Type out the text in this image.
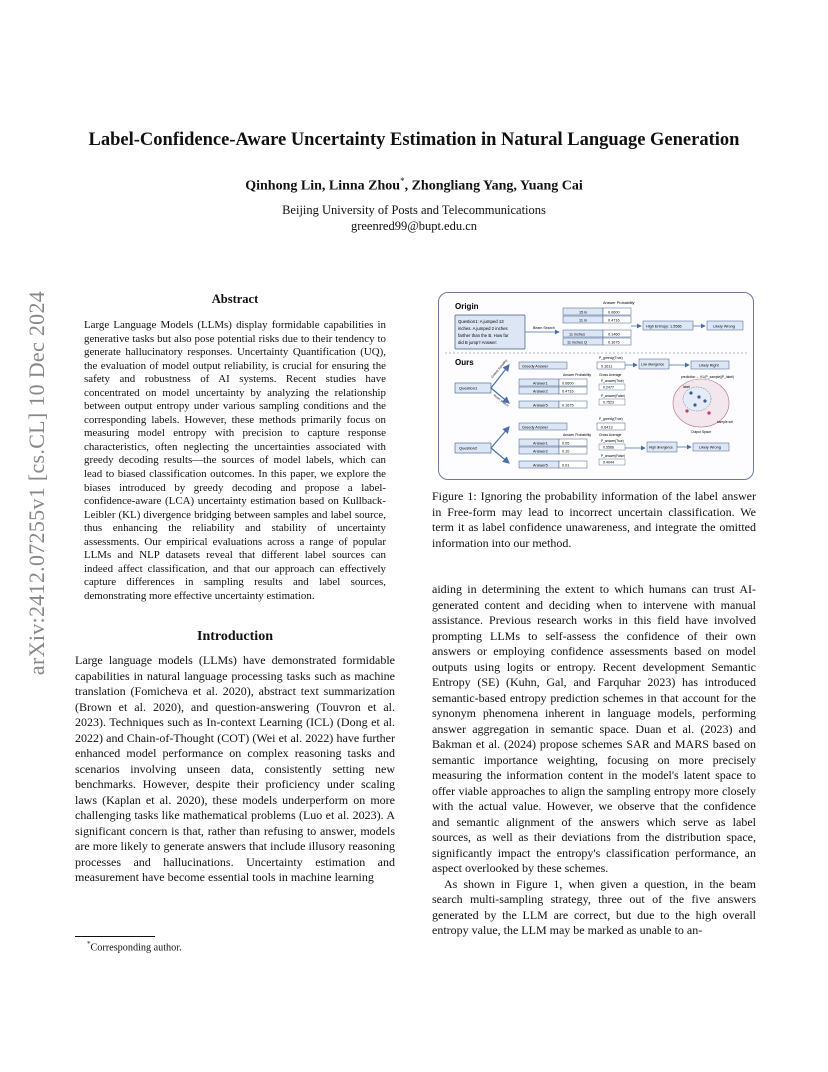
arXiv:2412.07255v1 [cs.CL] 10 Dec 2024
Label-Confidence-Aware Uncertainty Estimation in Natural Language Generation
Qinhong Lin, Linna Zhou*, Zhongliang Yang, Yuang Cai
Beijing University of Posts and Telecommunications
greenred99@bupt.edu.cn
Abstract

Large Language Models (LLMs) display formidable capabilities in generative tasks but also pose potential risks due to their tendency to generate hallucinatory responses. Uncertainty Quantification (UQ), the evaluation of model output reliability, is crucial for ensuring the safety and robustness of AI systems. Recent studies have concentrated on model uncertainty by analyzing the relationship between output entropy under various sampling conditions and the corresponding labels. However, these methods primarily focus on measuring model entropy with precision to capture response characteristics, often neglecting the uncertainties associated with greedy decoding results—the sources of model labels, which can lead to biased classification outcomes. In this paper, we explore the biases introduced by greedy decoding and propose a label-confidence-aware (LCA) uncertainty estimation based on Kullback-Leibler (KL) divergence bridging between samples and label source, thus enhancing the reliability and stability of uncertainty assessments. Our empirical evaluations across a range of popular LLMs and NLP datasets reveal that different label sources can indeed affect classification, and that our approach can effectively capture differences in sampling results and label sources, demonstrating more effective uncertainty estimation.

Introduction

Large language models (LLMs) have demonstrated formidable capabilities in natural language processing tasks such as machine translation (Fomicheva et al. 2020), abstract text summarization (Brown et al. 2020), and question-answering (Touvron et al. 2023). Techniques such as In-context Learning (ICL) (Dong et al. 2022) and Chain-of-Thought (COT) (Wei et al. 2022) have further enhanced model performance on complex reasoning tasks and scenarios involving unseen data, consistently setting new benchmarks. However, despite their proficiency under scaling laws (Kaplan et al. 2020), these models underperform on more challenging tasks like mathematical problems (Luo et al. 2023). A significant concern is that, rather than refusing to answer, models are more likely to generate answers that include illusory reasoning processes and hallucinations. Uncertainty estimation and measurement have become essential tools in machine learning

*Corresponding author.
Origin
Question1: A jumped 13
inches. A jumped 2 inches
farther than the B. How far
did B jump? Answer:
Beam Search
Answer Probability
15 in	0.0600
11 in	0.4716
11 inches	0.1460
11 inches Q	0.1675
High Entropy: 1.5566	Likely Wrong
Ours
Question1
Greedy Sampling
Beam Search
Greedy Answer
P_greedy(True)
0.1611
Answer Probability Gross Average
Answer1	0.0600
Answer2	0.4716
Answer5	0.1675
P_answer(True)
0.2477
P_answer(False)
0.7523
Low divergence	Likely Right
prediction ← KL(P_sample||P_label)
label
sample set
Output Space
Question2
Greedy Answer
P_greedy(True)
0.6413
Answer Probability Gross Average
Answer1	0.05
Answer2	0.10
Answer5	0.01
P_answer(True)
0.5566
P_answer(False)
0.4044
High divergence	Likely Wrong
Figure 1: Ignoring the probability information of the label answer in Free-form may lead to incorrect uncertain classification. We term it as label confidence unawareness, and integrate the omitted information into our method.

aiding in determining the extent to which humans can trust AI-generated content and deciding when to intervene with manual assistance. Previous research works in this field have involved prompting LLMs to self-assess the confidence of their own answers or employing confidence assessments based on model outputs using logits or entropy. Recent development Semantic Entropy (SE) (Kuhn, Gal, and Farquhar 2023) has introduced semantic-based entropy prediction schemes in that account for the synonym phenomena inherent in language models, performing answer aggregation in semantic space. Duan et al. (2023) and Bakman et al. (2024) propose schemes SAR and MARS based on semantic importance weighting, focusing on more precisely measuring the information content in the model's latent space to offer viable approaches to align the sampling entropy more closely with the actual value. However, we observe that the confidence and semantic alignment of the answers which serve as label sources, as well as their deviations from the distribution space, significantly impact the entropy's classification performance, an aspect overlooked by these schemes.

As shown in Figure 1, when given a question, in the beam search multi-sampling strategy, three out of the five answers generated by the LLM are correct, but due to the high overall entropy value, the LLM may be marked as unable to an-
